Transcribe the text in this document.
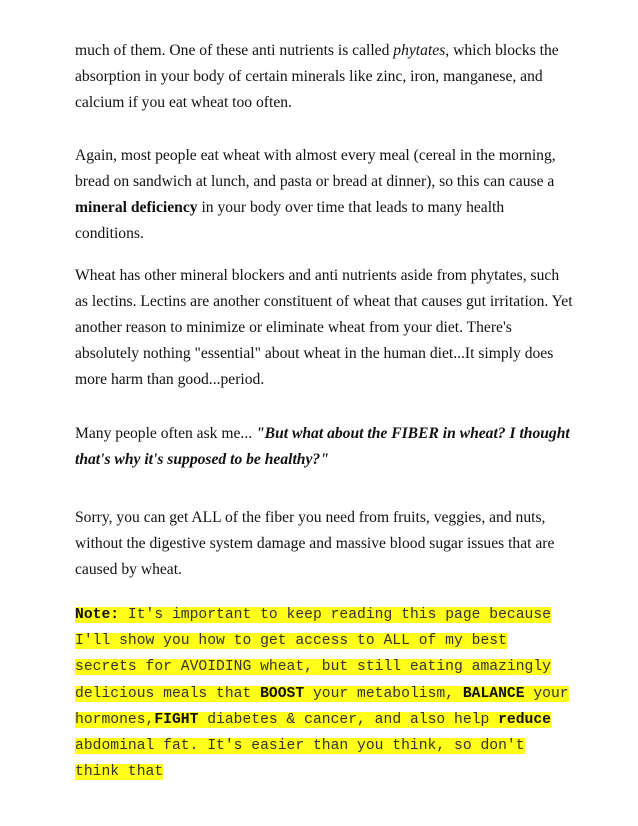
much of them. One of these anti nutrients is called phytates, which blocks the absorption in your body of certain minerals like zinc, iron, manganese, and calcium if you eat wheat too often.

Again, most people eat wheat with almost every meal (cereal in the morning, bread on sandwich at lunch, and pasta or bread at dinner), so this can cause a mineral deficiency in your body over time that leads to many health conditions.

Wheat has other mineral blockers and anti nutrients aside from phytates, such as lectins. Lectins are another constituent of wheat that causes gut irritation. Yet another reason to minimize or eliminate wheat from your diet. There's absolutely nothing "essential" about wheat in the human diet...It simply does more harm than good...period.

Many people often ask me... "But what about the FIBER in wheat? I thought that's why it's supposed to be healthy?"

Sorry, you can get ALL of the fiber you need from fruits, veggies, and nuts, without the digestive system damage and massive blood sugar issues that are caused by wheat.

Note: It's important to keep reading this page because I'll show you how to get access to ALL of my best secrets for AVOIDING wheat, but still eating amazingly delicious meals that BOOST your metabolism, BALANCE your hormones,FIGHT diabetes & cancer, and also help reduce abdominal fat. It's easier than you think, so don't think that
